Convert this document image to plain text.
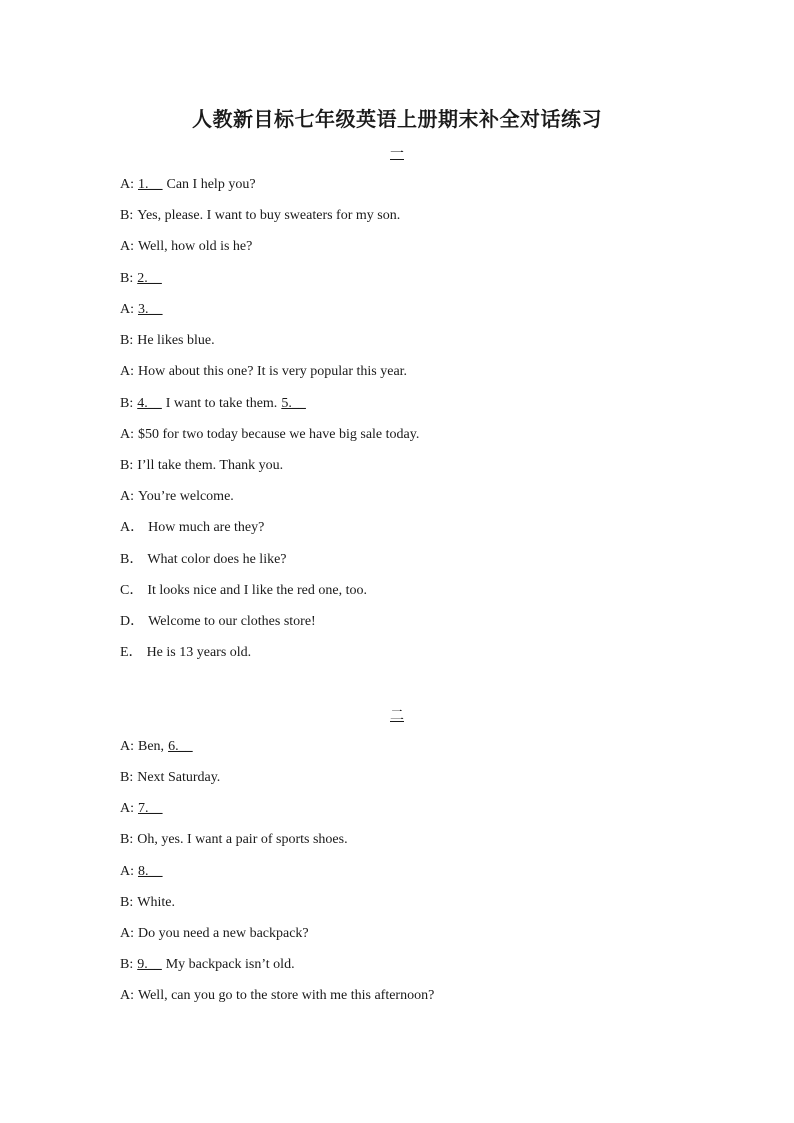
人教新目标七年级英语上册期末补全对话练习
一
A: 1.__ Can I help you?
B: Yes, please. I want to buy sweaters for my son.
A: Well, how old is he?
B: 2.__
A: 3.__
B: He likes blue.
A: How about this one? It is very popular this year.
B: 4.__ I want to take them. 5.__
A: $50 for two today because we have big sale today.
B: I’ll take them. Thank you.
A: You’re welcome.
A． How much are they?
B． What color does he like?
C． It looks nice and I like the red one, too.
D． Welcome to our clothes store!
E． He is 13 years old.
二
A: Ben, 6.__
B: Next Saturday.
A: 7.__
B: Oh, yes. I want a pair of sports shoes.
A: 8.__
B: White.
A: Do you need a new backpack?
B: 9.__ My backpack isn’t old.
A: Well, can you go to the store with me this afternoon?
